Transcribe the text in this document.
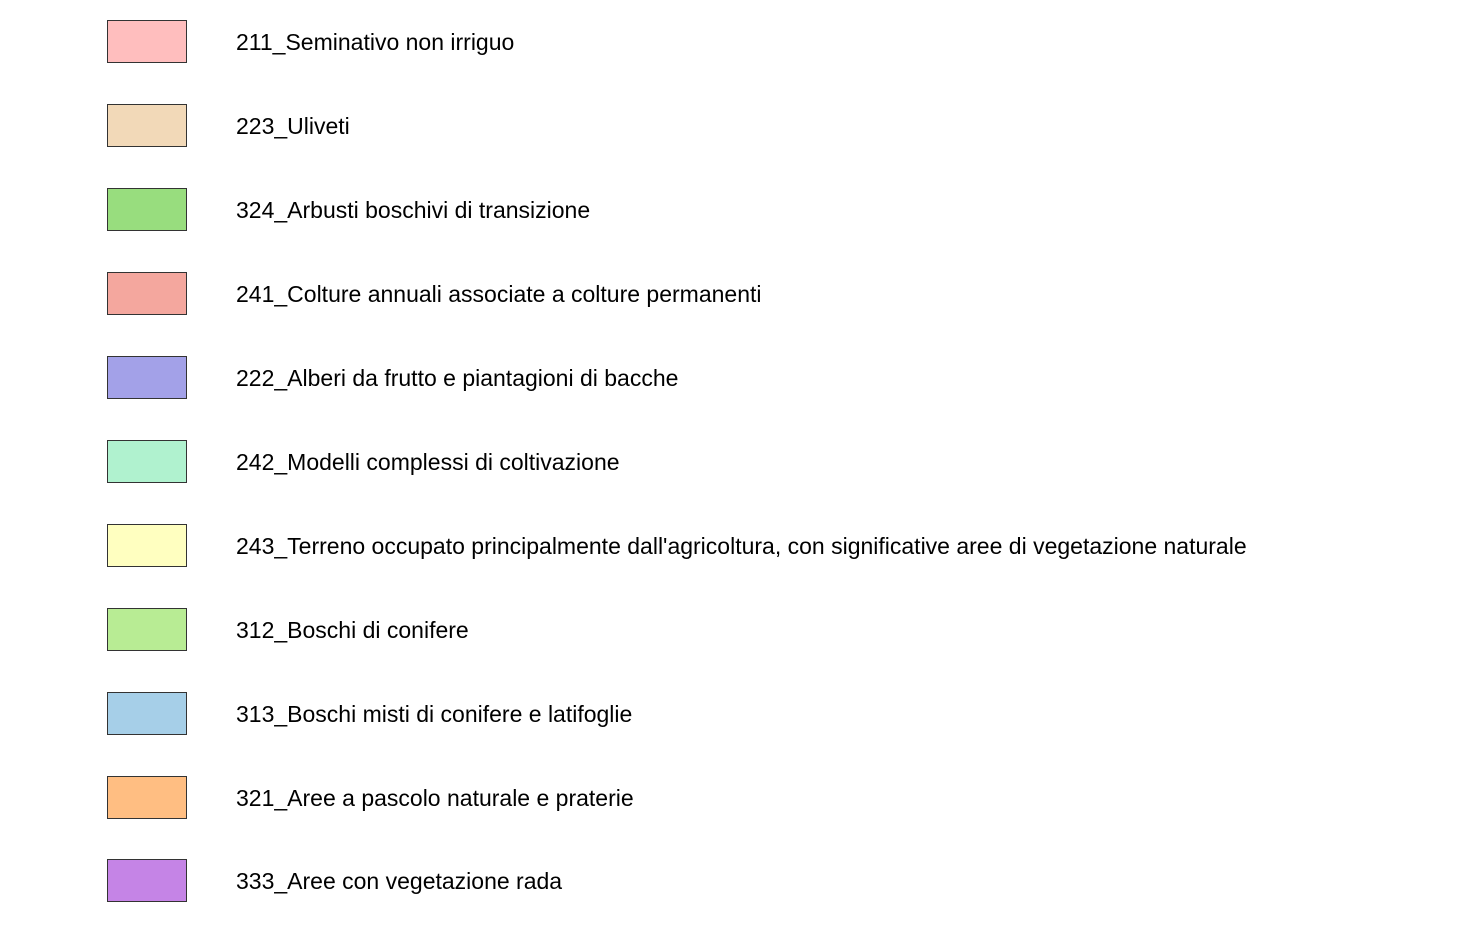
211_Seminativo non irriguo
223_Uliveti
324_Arbusti boschivi di transizione
241_Colture annuali associate a colture permanenti
222_Alberi da frutto e piantagioni di bacche
242_Modelli complessi di coltivazione
243_Terreno occupato principalmente dall'agricoltura, con significative aree di vegetazione naturale
312_Boschi di conifere
313_Boschi misti di conifere e latifoglie
321_Aree a pascolo naturale e praterie
333_Aree con vegetazione rada
